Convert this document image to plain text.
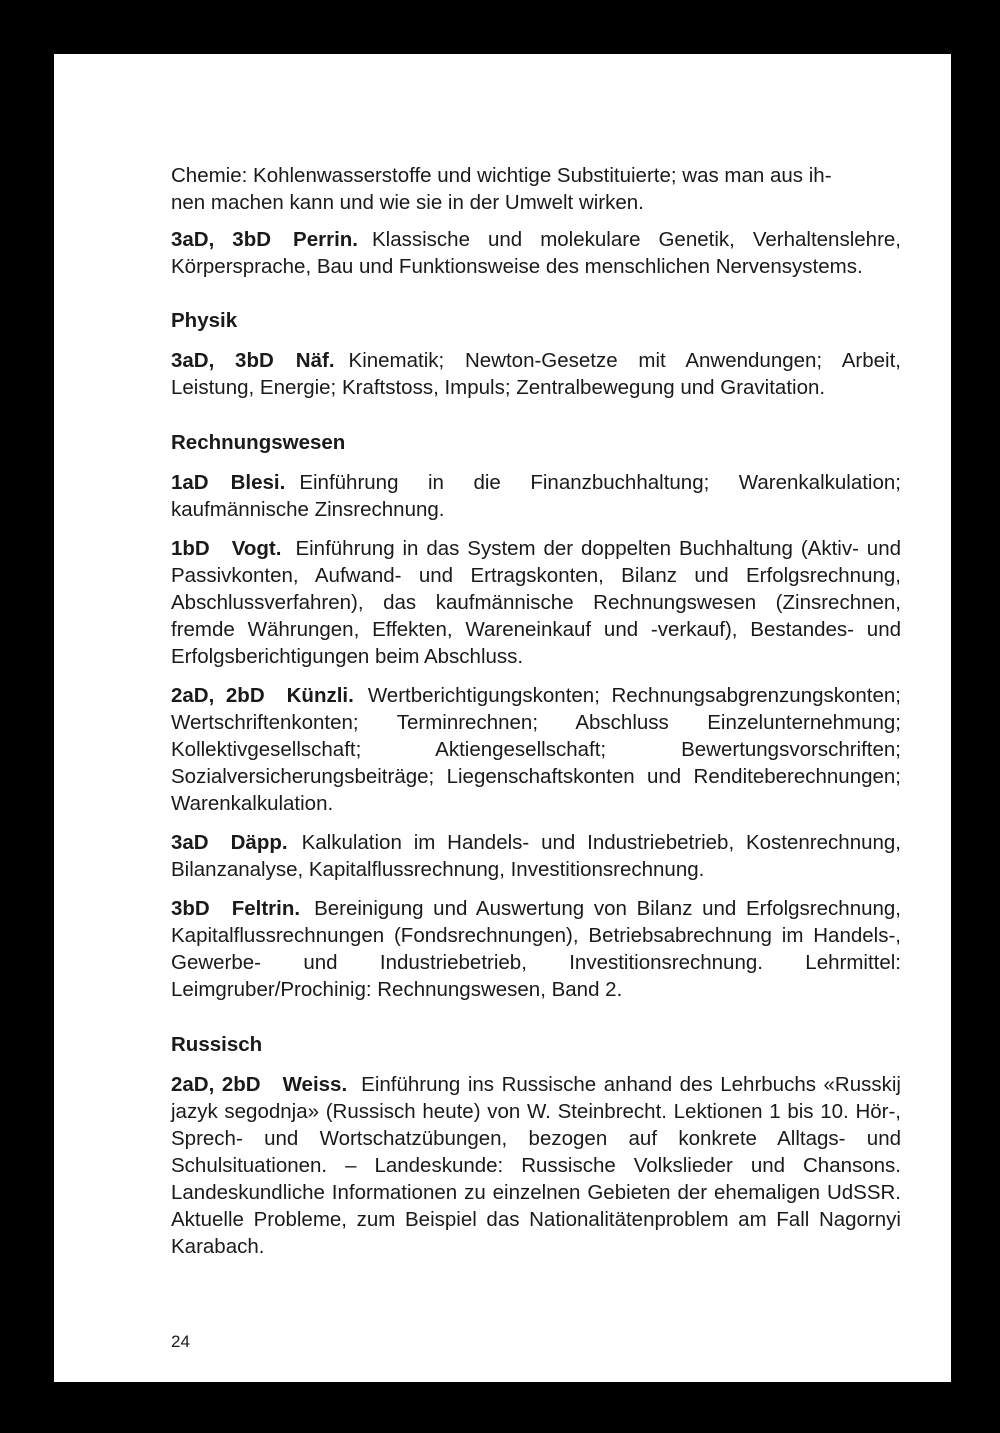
Chemie: Kohlenwasserstoffe und wichtige Substituierte; was man aus ih-
nen machen kann und wie sie in der Umwelt wirken.

3aD, 3bD Perrin. Klassische und molekulare Genetik, Verhaltenslehre, Körpersprache, Bau und Funktionsweise des menschlichen Nervensystems.

Physik

3aD, 3bD Näf. Kinematik; Newton-Gesetze mit Anwendungen; Arbeit, Leistung, Energie; Kraftstoss, Impuls; Zentralbewegung und Gravitation.

Rechnungswesen

1aD Blesi. Einführung in die Finanzbuchhaltung; Warenkalkulation; kaufmännische Zinsrechnung.

1bD Vogt. Einführung in das System der doppelten Buchhaltung (Aktiv- und Passivkonten, Aufwand- und Ertragskonten, Bilanz und Erfolgsrechnung, Abschlussverfahren), das kaufmännische Rechnungswesen (Zinsrechnen, fremde Währungen, Effekten, Wareneinkauf und -verkauf), Bestandes- und Erfolgsberichtigungen beim Abschluss.

2aD, 2bD Künzli. Wertberichtigungskonten; Rechnungsabgrenzungskonten; Wertschriftenkonten; Terminrechnen; Abschluss Einzelunternehmung; Kollektivgesellschaft; Aktiengesellschaft; Bewertungsvorschriften; Sozialversicherungsbeiträge; Liegenschaftskonten und Renditeberechnungen; Warenkalkulation.

3aD Däpp. Kalkulation im Handels- und Industriebetrieb, Kostenrechnung, Bilanzanalyse, Kapitalflussrechnung, Investitionsrechnung.

3bD Feltrin. Bereinigung und Auswertung von Bilanz und Erfolgsrechnung, Kapitalflussrechnungen (Fondsrechnungen), Betriebsabrechnung im Handels-, Gewerbe- und Industriebetrieb, Investitionsrechnung. Lehrmittel: Leimgruber/Prochinig: Rechnungswesen, Band 2.

Russisch

2aD, 2bD Weiss. Einführung ins Russische anhand des Lehrbuchs «Russkij jazyk segodnja» (Russisch heute) von W. Steinbrecht. Lektionen 1 bis 10. Hör-, Sprech- und Wortschatzübungen, bezogen auf konkrete Alltags- und Schulsituationen. – Landeskunde: Russische Volkslieder und Chansons. Landeskundliche Informationen zu einzelnen Gebieten der ehemaligen UdSSR. Aktuelle Probleme, zum Beispiel das Nationalitätenproblem am Fall Nagornyi Karabach.

24
